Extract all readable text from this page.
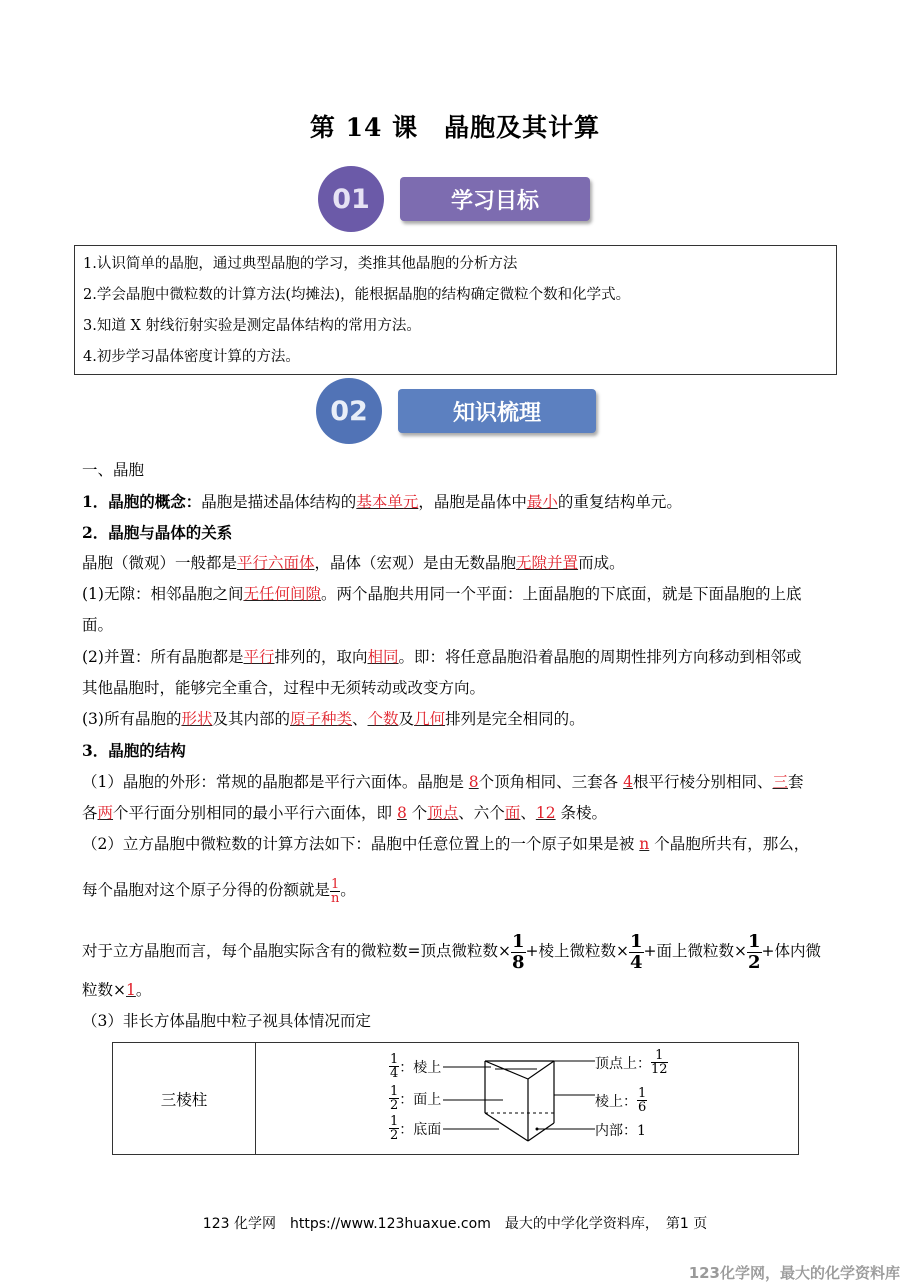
第 14 课　晶胞及其计算
学习目标
01
1.认识简单的晶胞，通过典型晶胞的学习，类推其他晶胞的分析方法
2.学会晶胞中微粒数的计算方法(均摊法)，能根据晶胞的结构确定微粒个数和化学式。
3.知道 X 射线衍射实验是测定晶体结构的常用方法。
4.初步学习晶体密度计算的方法。
知识梳理
02
一、晶胞
1．晶胞的概念：晶胞是描述晶体结构的基本单元，晶胞是晶体中最小的重复结构单元。
2．晶胞与晶体的关系
晶胞（微观）一般都是平行六面体，晶体（宏观）是由无数晶胞无隙并置而成。
(1)无隙：相邻晶胞之间无任何间隙。两个晶胞共用同一个平面：上面晶胞的下底面，就是下面晶胞的上底
面。
(2)并置：所有晶胞都是平行排列的，取向相同。即：将任意晶胞沿着晶胞的周期性排列方向移动到相邻或
其他晶胞时，能够完全重合，过程中无须转动或改变方向。
(3)所有晶胞的形状及其内部的原子种类、个数及几何排列是完全相同的。
3．晶胞的结构
（1）晶胞的外形：常规的晶胞都是平行六面体。晶胞是 8个顶角相同、三套各 4根平行棱分别相同、三套
各两个平行面分别相同的最小平行六面体，即 8 个顶点、六个面、12 条棱。
（2）立方晶胞中微粒数的计算方法如下：晶胞中任意位置上的一个原子如果是被 n 个晶胞所共有，那么，
每个晶胞对这个原子分得的份额就是 $\frac{1}{n}$ 。
对于立方晶胞而言，每个晶胞实际含有的微粒数=顶点微粒数× $\frac{1}{8}$ +棱上微粒数× $\frac{1}{4}$ +面上微粒数× $\frac{1}{2}$ +体内微
粒数×1。
（3）非长方体晶胞中粒子视具体情况而定
三棱柱
$\frac{1}{4}$ ：棱上
$\frac{1}{2}$ ：面上
$\frac{1}{2}$ ：底面
顶点上： $\frac{1}{12}$
棱上： $\frac{1}{6}$
内部：1
123 化学网　https://www.123huaxue.com　最大的中学化学资料库，　第1 页
123化学网，最大的化学资料库
